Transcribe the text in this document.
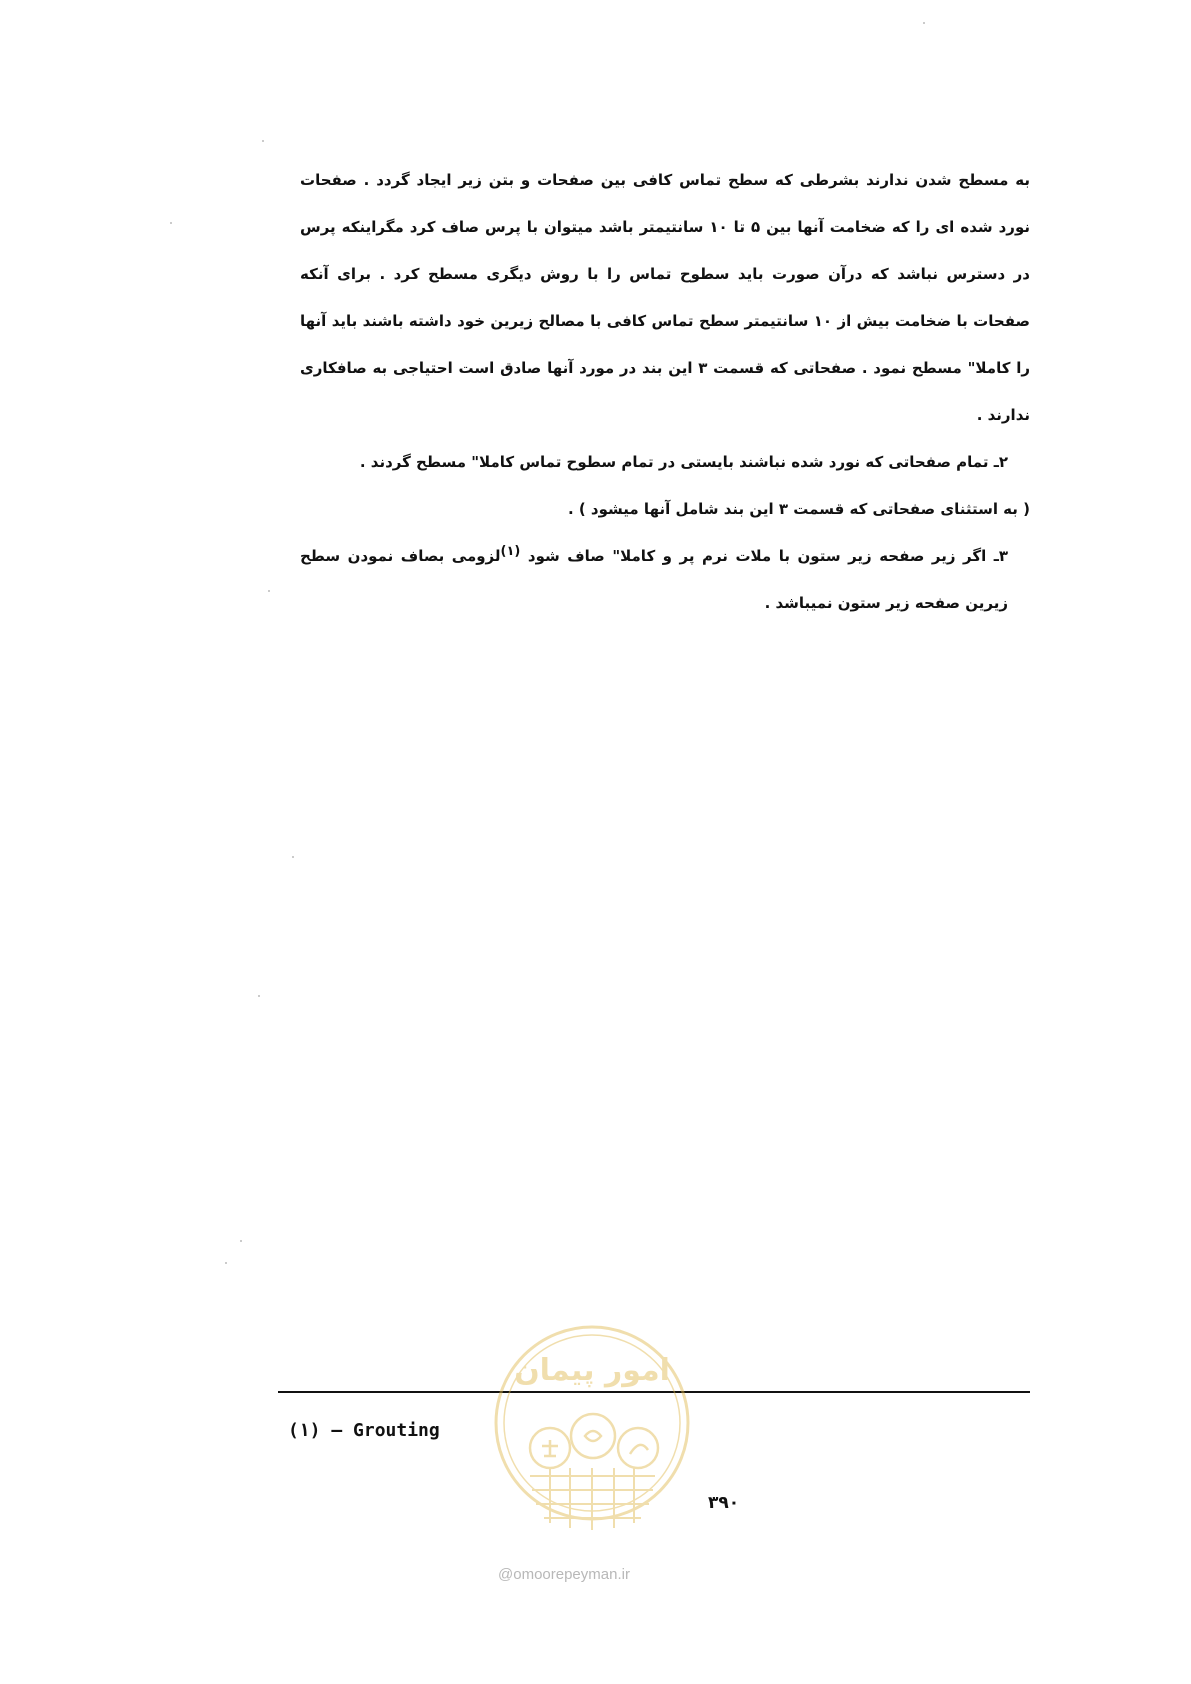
به مسطح شدن ندارند بشرطی که سطح تماس کافی بین صفحات و بتن زیر ایجاد گردد . صفحات نورد شده ای را که ضخامت آنها بین ۵ تا ۱۰ سانتیمتر باشد میتوان با پرس صاف کرد مگراینکه پرس در دسترس نباشد که درآن صورت باید سطوح تماس را با روش دیگری مسطح کرد . برای آنکه صفحات با ضخامت بیش از ۱۰ سانتیمتر سطح تماس کافی با مصالح زیرین خود داشته باشند باید آنها را کاملا" مسطح نمود . صفحاتی که قسمت ۳ این بند در مورد آنها صادق است احتیاجی به صافکاری ندارند .

۲ـ تمام صفحاتی که نورد شده نباشند بایستی در تمام سطوح تماس کاملا" مسطح گردند .

( به استثنای صفحاتی که قسمت ۳ این بند شامل آنها میشود ) .

۳ـ اگر زیر صفحه زیر ستون با ملات نرم پر و کاملا" صاف شود $^{(۱)}$لزومی بصاف نمودن سطح زیرین صفحه زیر ستون نمیباشد .

(۱) — Grouting
۳۹۰
امور پیمان
@omoorepeyman.ir
